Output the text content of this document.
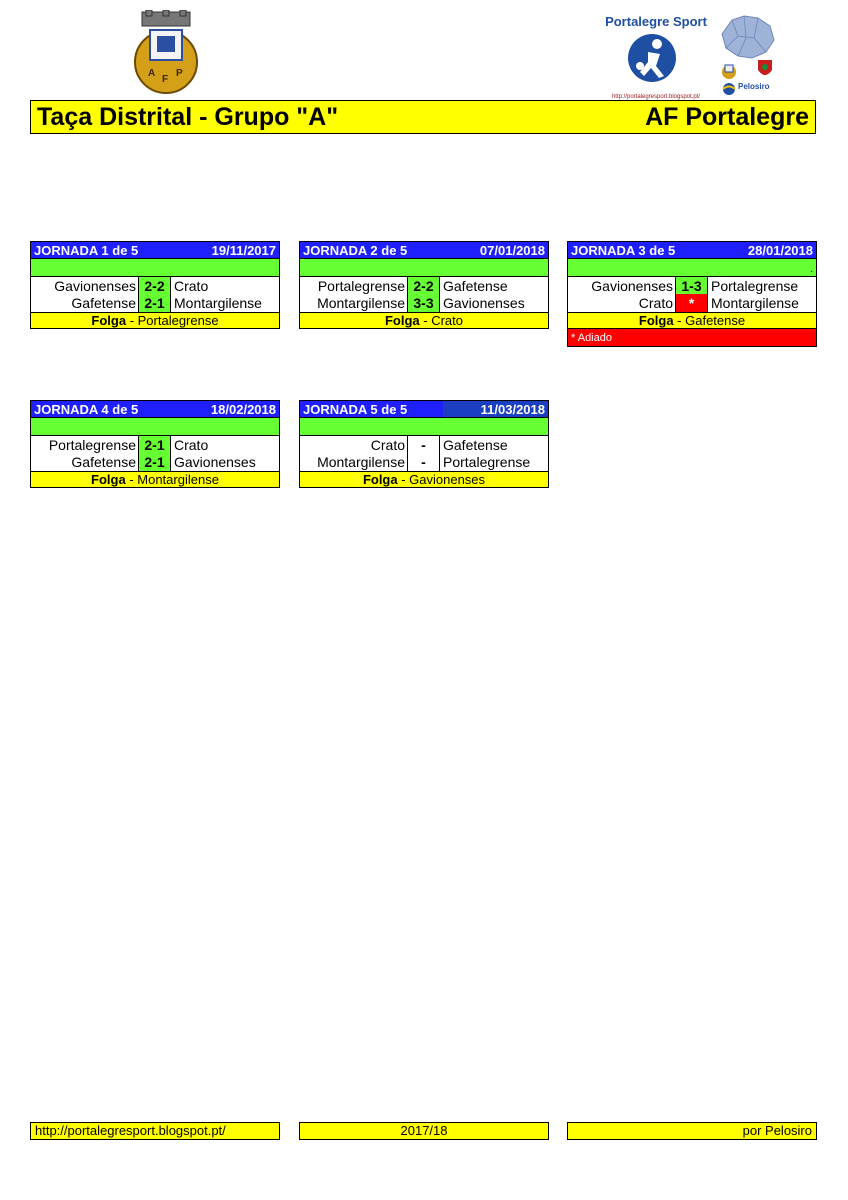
A
F
P
Portalegre Sport
Pelosiro
http://portalegresport.blogspot.pt/
Taça Distrital - Grupo "A"	AF Portalegre
JORNADA 1 de 5	19/11/2017
Gavionenses 2-2 Crato
Gafetense 2-1 Montargilense
Folga - Portalegrense
JORNADA 2 de 5	07/01/2018
Portalegrense 2-2 Gafetense
Montargilense 3-3 Gavionenses
Folga - Crato
JORNADA 3 de 5	28/01/2018
.
Gavionenses 1-3 Portalegrense
Crato	*	Montargilense
Folga - Gafetense
* Adiado
JORNADA 4 de 5	18/02/2018
Portalegrense 2-1 Crato
Gafetense 2-1 Gavionenses
Folga - Montargilense
JORNADA 5 de 5	11/03/2018
Crato	-	Gafetense
Montargilense	-	Portalegrense
Folga - Gavionenses
http://portalegresport.blogspot.pt/	2017/18	por Pelosiro
